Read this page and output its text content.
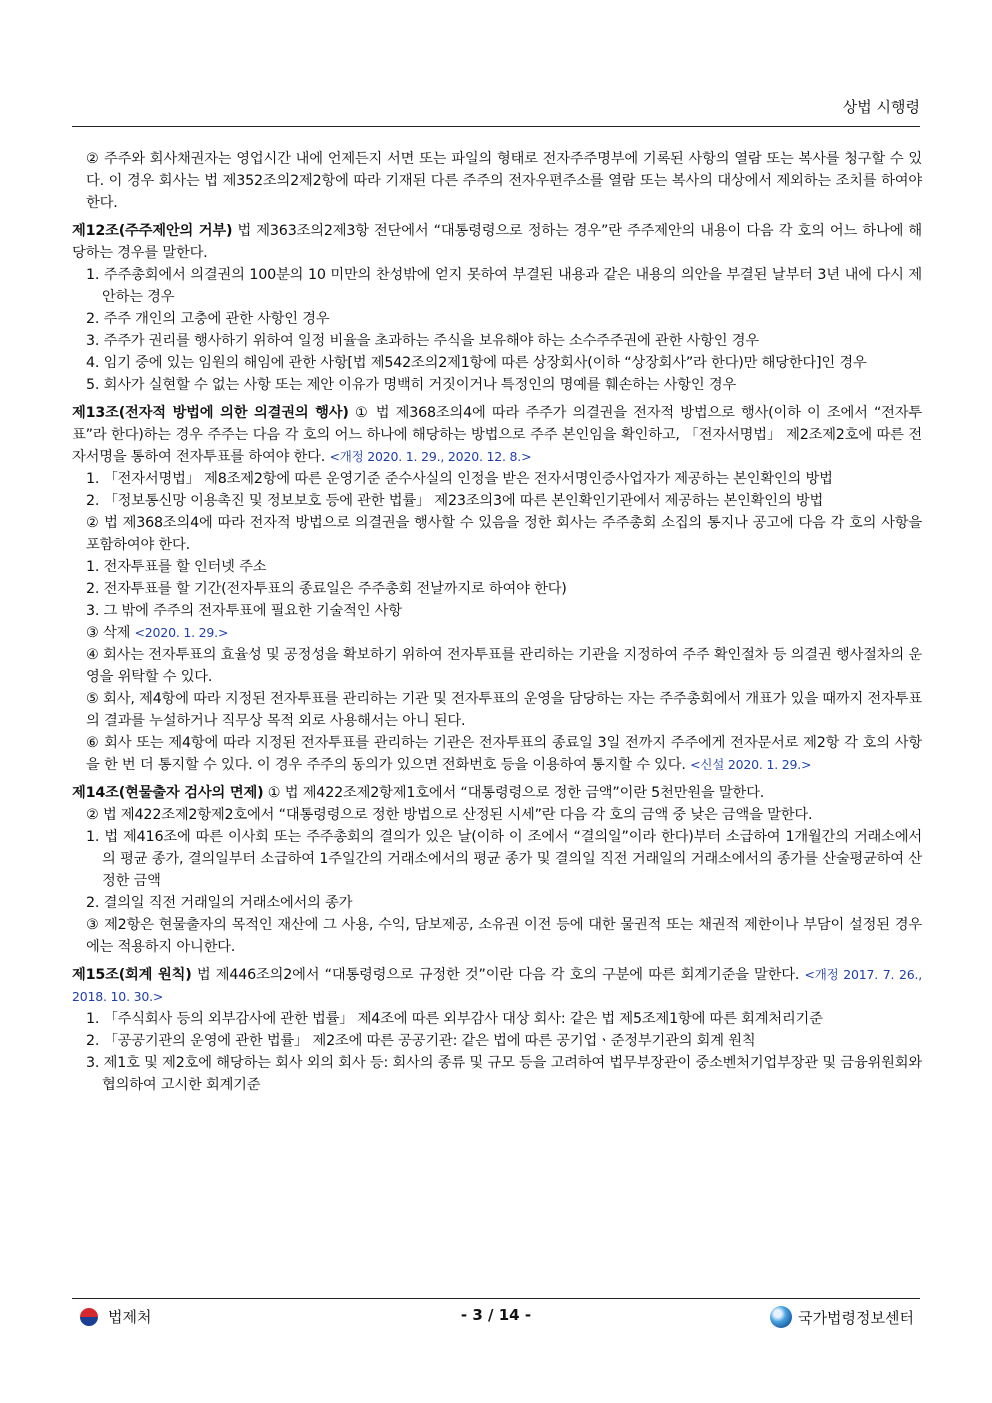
상법 시행령

② 주주와 회사채권자는 영업시간 내에 언제든지 서면 또는 파일의 형태로 전자주주명부에 기록된 사항의 열람 또는 복사를 청구할 수 있다. 이 경우 회사는 법 제352조의2제2항에 따라 기재된 다른 주주의 전자우편주소를 열람 또는 복사의 대상에서 제외하는 조치를 하여야 한다.

제12조(주주제안의 거부) 법 제363조의2제3항 전단에서 “대통령령으로 정하는 경우”란 주주제안의 내용이 다음 각 호의 어느 하나에 해당하는 경우를 말한다.

1. 주주총회에서 의결권의 100분의 10 미만의 찬성밖에 얻지 못하여 부결된 내용과 같은 내용의 의안을 부결된 날부터 3년 내에 다시 제안하는 경우

2. 주주 개인의 고충에 관한 사항인 경우

3. 주주가 권리를 행사하기 위하여 일정 비율을 초과하는 주식을 보유해야 하는 소수주주권에 관한 사항인 경우

4. 임기 중에 있는 임원의 해임에 관한 사항[법 제542조의2제1항에 따른 상장회사(이하 “상장회사”라 한다)만 해당한다]인 경우

5. 회사가 실현할 수 없는 사항 또는 제안 이유가 명백히 거짓이거나 특정인의 명예를 훼손하는 사항인 경우

제13조(전자적 방법에 의한 의결권의 행사) ① 법 제368조의4에 따라 주주가 의결권을 전자적 방법으로 행사(이하 이 조에서 “전자투표”라 한다)하는 경우 주주는 다음 각 호의 어느 하나에 해당하는 방법으로 주주 본인임을 확인하고, 「전자서명법」 제2조제2호에 따른 전자서명을 통하여 전자투표를 하여야 한다. <개정 2020. 1. 29., 2020. 12. 8.>

1. 「전자서명법」 제8조제2항에 따른 운영기준 준수사실의 인정을 받은 전자서명인증사업자가 제공하는 본인확인의 방법

2. 「정보통신망 이용촉진 및 정보보호 등에 관한 법률」 제23조의3에 따른 본인확인기관에서 제공하는 본인확인의 방법

② 법 제368조의4에 따라 전자적 방법으로 의결권을 행사할 수 있음을 정한 회사는 주주총회 소집의 통지나 공고에 다음 각 호의 사항을 포함하여야 한다.

1. 전자투표를 할 인터넷 주소

2. 전자투표를 할 기간(전자투표의 종료일은 주주총회 전날까지로 하여야 한다)

3. 그 밖에 주주의 전자투표에 필요한 기술적인 사항

③ 삭제 <2020. 1. 29.>

④ 회사는 전자투표의 효율성 및 공정성을 확보하기 위하여 전자투표를 관리하는 기관을 지정하여 주주 확인절차 등 의결권 행사절차의 운영을 위탁할 수 있다.

⑤ 회사, 제4항에 따라 지정된 전자투표를 관리하는 기관 및 전자투표의 운영을 담당하는 자는 주주총회에서 개표가 있을 때까지 전자투표의 결과를 누설하거나 직무상 목적 외로 사용해서는 아니 된다.

⑥ 회사 또는 제4항에 따라 지정된 전자투표를 관리하는 기관은 전자투표의 종료일 3일 전까지 주주에게 전자문서로 제2항 각 호의 사항을 한 번 더 통지할 수 있다. 이 경우 주주의 동의가 있으면 전화번호 등을 이용하여 통지할 수 있다. <신설 2020. 1. 29.>

제14조(현물출자 검사의 면제) ① 법 제422조제2항제1호에서 “대통령령으로 정한 금액”이란 5천만원을 말한다.

② 법 제422조제2항제2호에서 “대통령령으로 정한 방법으로 산정된 시세”란 다음 각 호의 금액 중 낮은 금액을 말한다.

1. 법 제416조에 따른 이사회 또는 주주총회의 결의가 있은 날(이하 이 조에서 “결의일”이라 한다)부터 소급하여 1개월간의 거래소에서의 평균 종가, 결의일부터 소급하여 1주일간의 거래소에서의 평균 종가 및 결의일 직전 거래일의 거래소에서의 종가를 산술평균하여 산정한 금액

2. 결의일 직전 거래일의 거래소에서의 종가

③ 제2항은 현물출자의 목적인 재산에 그 사용, 수익, 담보제공, 소유권 이전 등에 대한 물권적 또는 채권적 제한이나 부담이 설정된 경우에는 적용하지 아니한다.

제15조(회계 원칙) 법 제446조의2에서 “대통령령으로 규정한 것”이란 다음 각 호의 구분에 따른 회계기준을 말한다. <개정 2017. 7. 26., 2018. 10. 30.>

1. 「주식회사 등의 외부감사에 관한 법률」 제4조에 따른 외부감사 대상 회사: 같은 법 제5조제1항에 따른 회계처리기준

2. 「공공기관의 운영에 관한 법률」 제2조에 따른 공공기관: 같은 법에 따른 공기업ㆍ준정부기관의 회계 원칙

3. 제1호 및 제2호에 해당하는 회사 외의 회사 등: 회사의 종류 및 규모 등을 고려하여 법무부장관이 중소벤처기업부장관 및 금융위원회와 협의하여 고시한 회계기준

법제처	- 3 / 14 -	국가법령정보센터
